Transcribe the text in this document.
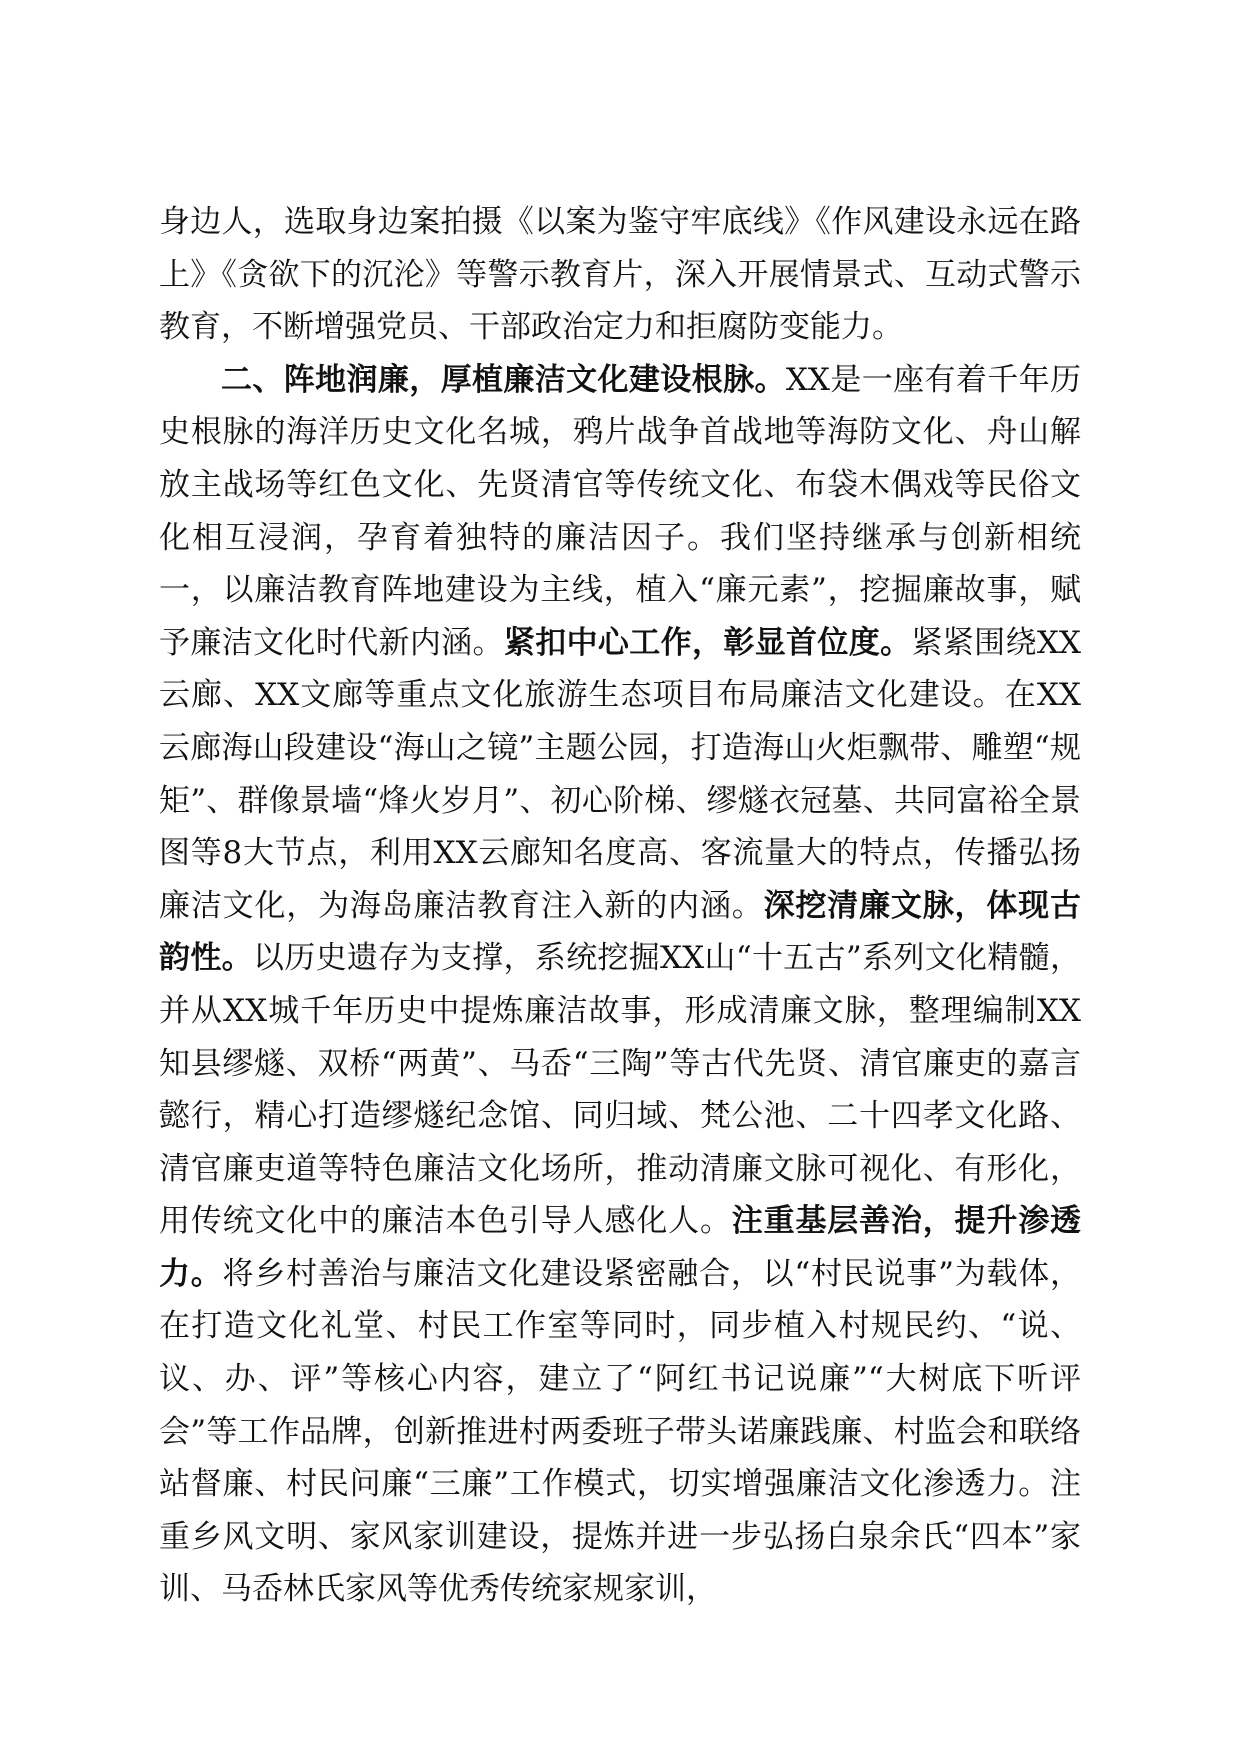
身边人，选取身边案拍摄《以案为鉴守牢底线》《作风建设永远在路上》《贪欲下的沉沦》等警示教育片，深入开展情景式、互动式警示教育，不断增强党员、干部政治定力和拒腐防变能力。

二、阵地润廉，厚植廉洁文化建设根脉。XX是一座有着千年历史根脉的海洋历史文化名城，鸦片战争首战地等海防文化、舟山解放主战场等红色文化、先贤清官等传统文化、布袋木偶戏等民俗文化相互浸润，孕育着独特的廉洁因子。我们坚持继承与创新相统一，以廉洁教育阵地建设为主线，植入“廉元素”，挖掘廉故事，赋予廉洁文化时代新内涵。紧扣中心工作，彰显首位度。紧紧围绕XX云廊、XX文廊等重点文化旅游生态项目布局廉洁文化建设。在XX云廊海山段建设“海山之镜”主题公园，打造海山火炬飘带、雕塑“规矩”、群像景墙“烽火岁月”、初心阶梯、缪燧衣冠墓、共同富裕全景图等8大节点，利用XX云廊知名度高、客流量大的特点，传播弘扬廉洁文化，为海岛廉洁教育注入新的内涵。深挖清廉文脉，体现古韵性。以历史遗存为支撑，系统挖掘XX山“十五古”系列文化精髓，并从XX城千年历史中提炼廉洁故事，形成清廉文脉，整理编制XX知县缪燧、双桥“两黄”、马岙“三陶”等古代先贤、清官廉吏的嘉言懿行，精心打造缪燧纪念馆、同归域、梵公池、二十四孝文化路、清官廉吏道等特色廉洁文化场所，推动清廉文脉可视化、有形化，用传统文化中的廉洁本色引导人感化人。注重基层善治，提升渗透力。将乡村善治与廉洁文化建设紧密融合，以“村民说事”为载体，在打造文化礼堂、村民工作室等同时，同步植入村规民约、“说、议、办、评”等核心内容，建立了“阿红书记说廉”“大树底下听评会”等工作品牌，创新推进村两委班子带头诺廉践廉、村监会和联络站督廉、村民问廉“三廉”工作模式，切实增强廉洁文化渗透力。注重乡风文明、家风家训建设，提炼并进一步弘扬白泉余氏“四本”家训、马岙林氏家风等优秀传统家规家训，
